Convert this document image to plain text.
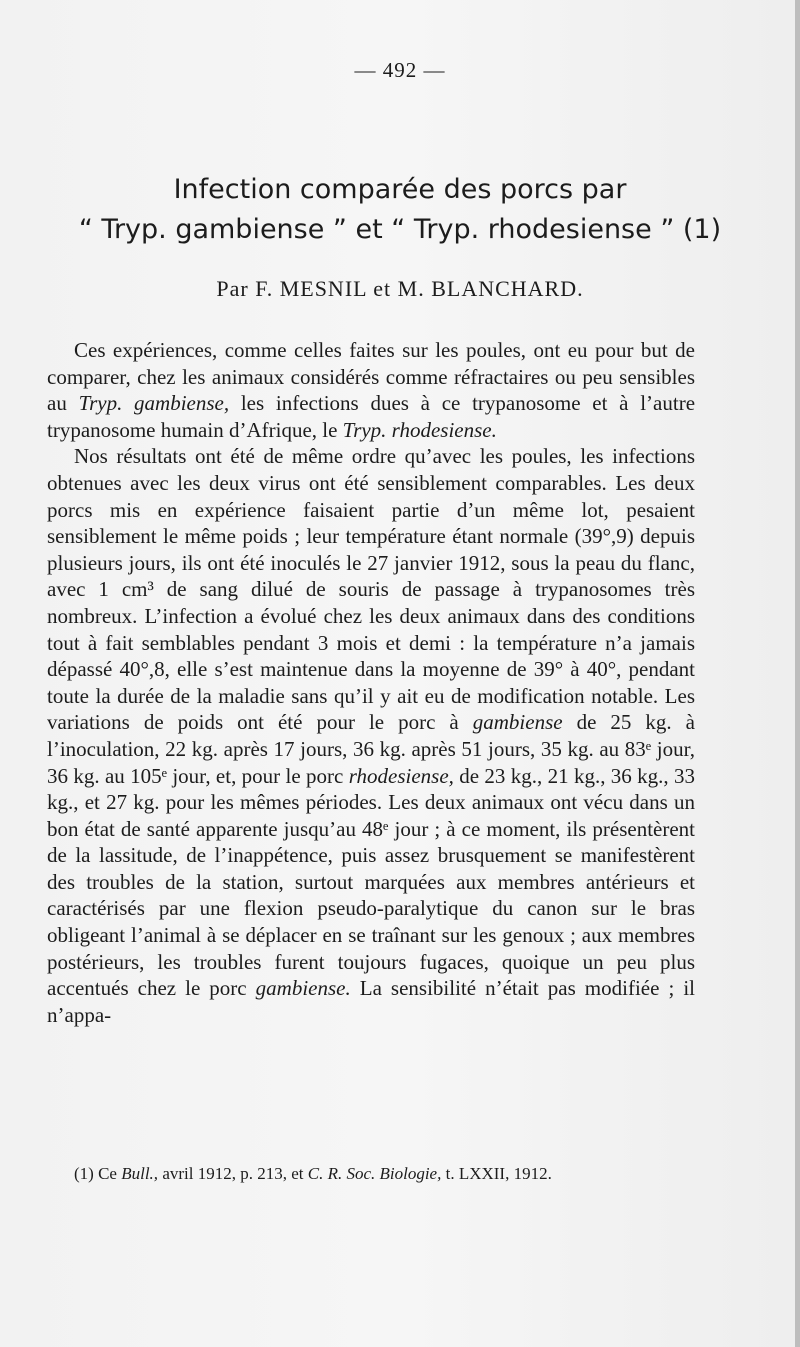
— 492 —
Infection comparée des porcs par
“ Tryp. gambiense ” et “ Tryp. rhodesiense ” (1)
Par F. MESNIL et M. BLANCHARD.

Ces expériences, comme celles faites sur les poules, ont eu pour but de comparer, chez les animaux considérés comme réfractaires ou peu sensibles au Tryp. gambiense, les infections dues à ce trypanosome et à l’autre trypanosome humain d’Afrique, le Tryp. rhodesiense.

Nos résultats ont été de même ordre qu’avec les poules, les infections obtenues avec les deux virus ont été sensiblement comparables. Les deux porcs mis en expérience faisaient partie d’un même lot, pesaient sensiblement le même poids ; leur température étant normale (39°,9) depuis plusieurs jours, ils ont été inoculés le 27 janvier 1912, sous la peau du flanc, avec 1 cm³ de sang dilué de souris de passage à trypanosomes très nombreux. L’infection a évolué chez les deux animaux dans des conditions tout à fait semblables pendant 3 mois et demi : la température n’a jamais dépassé 40°,8, elle s’est maintenue dans la moyenne de 39° à 40°, pendant toute la durée de la maladie sans qu’il y ait eu de modification notable. Les variations de poids ont été pour le porc à gambiense de 25 kg. à l’inoculation, 22 kg. après 17 jours, 36 kg. après 51 jours, 35 kg. au 83ᵉ jour, 36 kg. au 105ᵉ jour, et, pour le porc rhodesiense, de 23 kg., 21 kg., 36 kg., 33 kg., et 27 kg. pour les mêmes périodes. Les deux animaux ont vécu dans un bon état de santé apparente jusqu’au 48ᵉ jour ; à ce moment, ils présentèrent de la lassitude, de l’inappétence, puis assez brusquement se manifestèrent des troubles de la station, surtout marquées aux membres antérieurs et caractérisés par une flexion pseudo-paralytique du canon sur le bras obligeant l’animal à se déplacer en se traînant sur les genoux ; aux membres postérieurs, les troubles furent toujours fugaces, quoique un peu plus accentués chez le porc gambiense. La sensibilité n’était pas modifiée ; il n’appa-

(1) Ce Bull., avril 1912, p. 213, et C. R. Soc. Biologie, t. LXXII, 1912.
